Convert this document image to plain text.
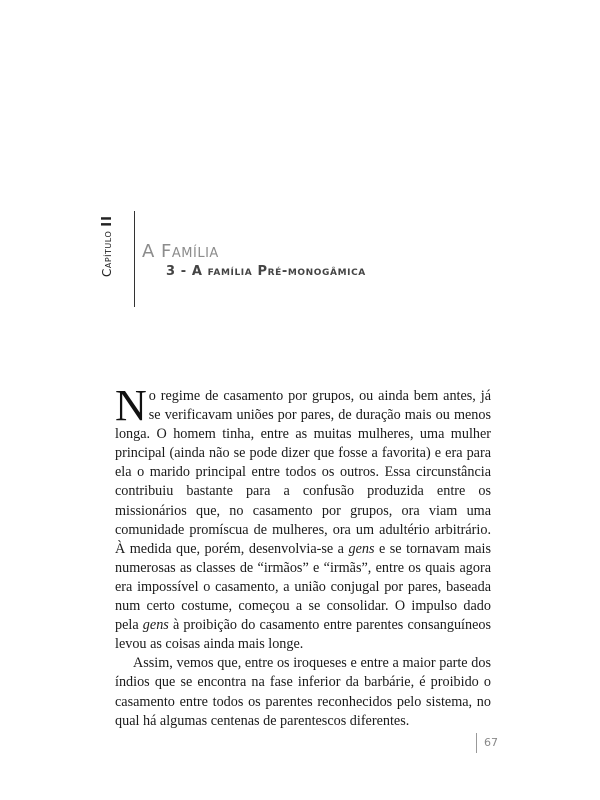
CapítuloII
A Família
3 - A família Pré-monogâmica

No regime de casamento por grupos, ou ainda bem antes, já se verificavam uniões por pares, de duração mais ou menos longa. O homem tinha, entre as muitas mulheres, uma mulher principal (ainda não se pode dizer que fosse a favorita) e era para ela o marido principal entre todos os outros. Essa circunstância contribuiu bastante para a confusão produzida entre os missionários que, no casamento por grupos, ora viam uma comunidade promíscua de mulheres, ora um adultério arbitrário. À medida que, porém, desenvolvia-se a gens e se tornavam mais numerosas as classes de “irmãos” e “irmãs”, entre os quais agora era impossível o casamento, a união conjugal por pares, baseada num certo costume, começou a se consolidar. O impulso dado pela gens à proibição do casamento entre parentes consanguíneos levou as coisas ainda mais longe.

Assim, vemos que, entre os iroqueses e entre a maior parte dos índios que se encontra na fase inferior da barbárie, é proibido o casamento entre todos os parentes reconhecidos pelo sistema, no qual há algumas centenas de parentescos diferentes.

67
